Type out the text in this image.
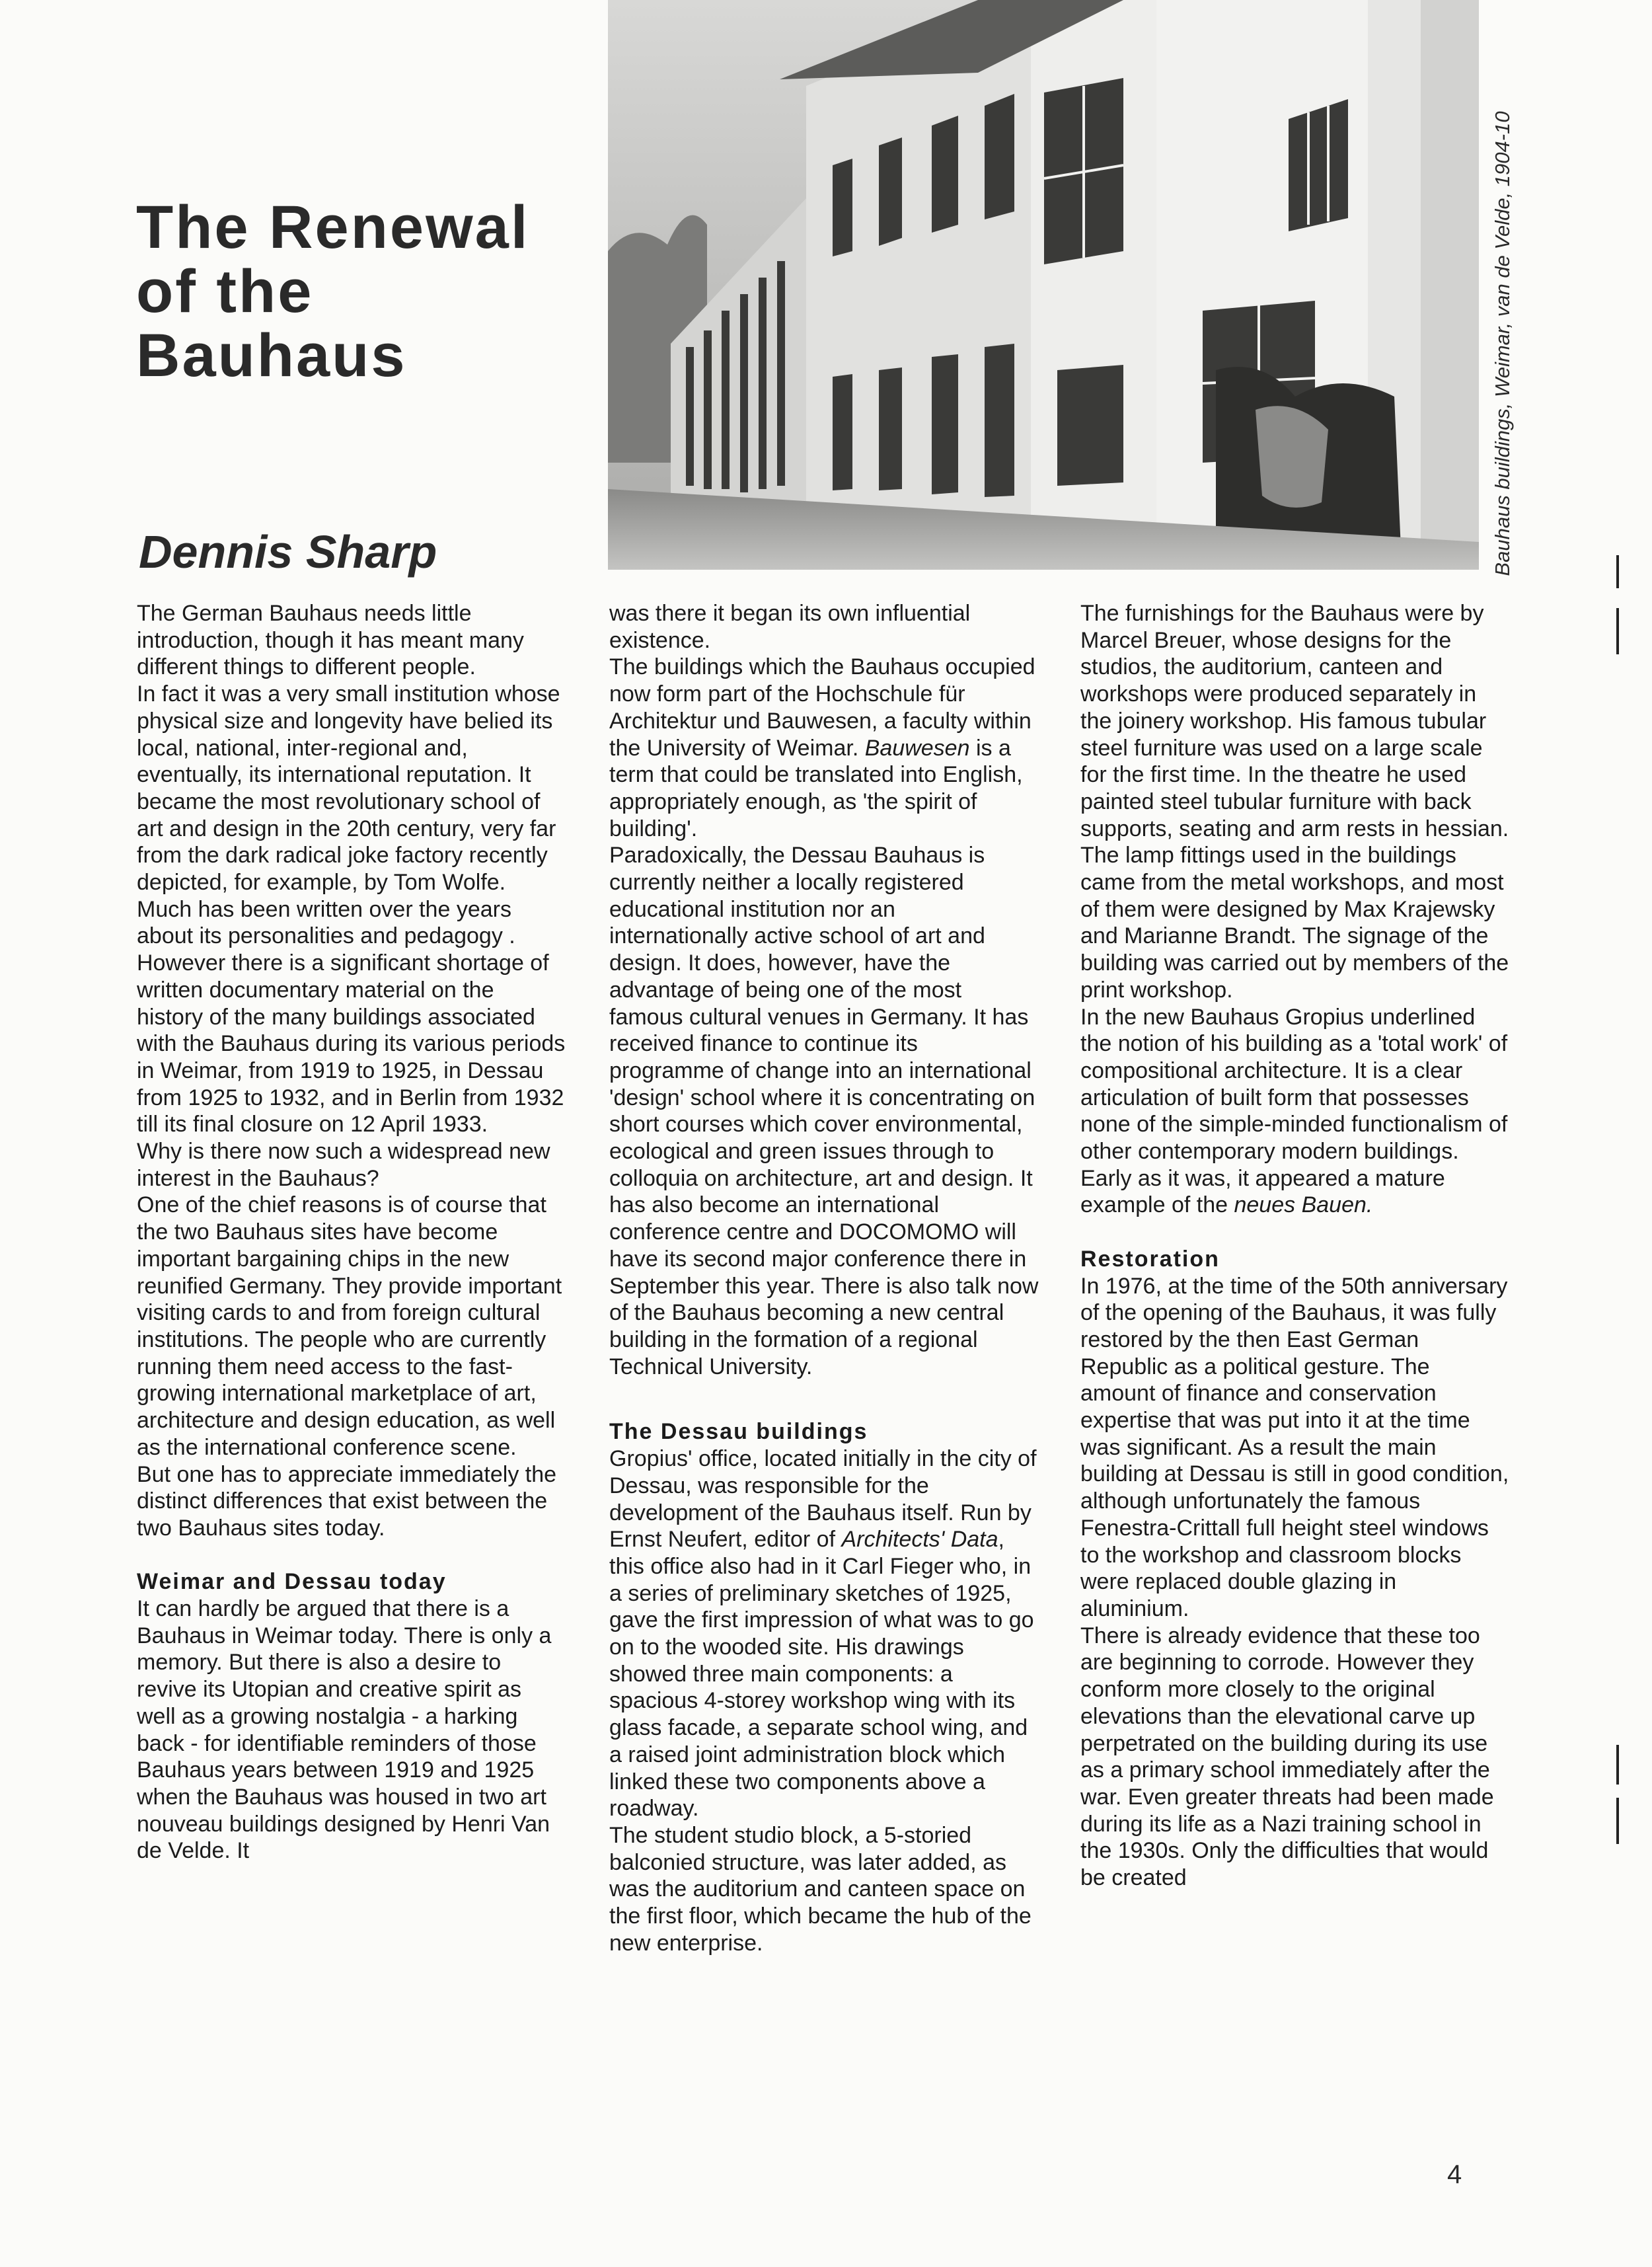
The Renewal of the Bauhaus
Dennis Sharp	Bauhaus buildings, Weimar, van de Velde, 1904-10

The German Bauhaus needs little introduction, though it has meant many different things to different people.

In fact it was a very small institution whose physical size and longevity have belied its local, national, inter-regional and, eventually, its international reputation. It became the most revolutionary school of art and design in the 20th century, very far from the dark radical joke factory recently depicted, for example, by Tom Wolfe.

Much has been written over the years about its personalities and pedagogy . However there is a significant shortage of written documentary material on the history of the many buildings associated with the Bauhaus during its various periods in Weimar, from 1919 to 1925, in Dessau from 1925 to 1932, and in Berlin from 1932 till its final closure on 12 April 1933.

Why is there now such a widespread new interest in the Bauhaus?

One of the chief reasons is of course that the two Bauhaus sites have become important bargaining chips in the new reunified Germany. They provide important visiting cards to and from foreign cultural institutions. The people who are currently running them need access to the fast-growing international marketplace of art, architecture and design education, as well as the international conference scene.

But one has to appreciate immediately the distinct differences that exist between the two Bauhaus sites today.

Weimar and Dessau today

It can hardly be argued that there is a Bauhaus in Weimar today. There is only a memory. But there is also a desire to revive its Utopian and creative spirit as well as a growing nostalgia - a harking back - for identifiable reminders of those Bauhaus years between 1919 and 1925 when the Bauhaus was housed in two art nouveau buildings designed by Henri Van de Velde. It

was there it began its own influential existence.

The buildings which the Bauhaus occupied now form part of the Hochschule für Architektur und Bauwesen, a faculty within the University of Weimar. Bauwesen is a term that could be translated into English, appropriately enough, as 'the spirit of building'.

Paradoxically, the Dessau Bauhaus is currently neither a locally registered educational institution nor an internationally active school of art and design. It does, however, have the advantage of being one of the most famous cultural venues in Germany. It has received finance to continue its programme of change into an international 'design' school where it is concentrating on short courses which cover environmental, ecological and green issues through to colloquia on architecture, art and design. It has also become an international conference centre and DOCOMOMO will have its second major conference there in September this year. There is also talk now of the Bauhaus becoming a new central building in the formation of a regional Technical University.

The Dessau buildings

Gropius' office, located initially in the city of Dessau, was responsible for the development of the Bauhaus itself. Run by Ernst Neufert, editor of Architects' Data, this office also had in it Carl Fieger who, in a series of preliminary sketches of 1925, gave the first impression of what was to go on to the wooded site. His drawings showed three main components: a spacious 4-storey workshop wing with its glass facade, a separate school wing, and a raised joint administration block which linked these two components above a roadway.

The student studio block, a 5-storied balconied structure, was later added, as was the auditorium and canteen space on the first floor, which became the hub of the new enterprise.

The furnishings for the Bauhaus were by Marcel Breuer, whose designs for the studios, the auditorium, canteen and workshops were produced separately in the joinery workshop. His famous tubular steel furniture was used on a large scale for the first time. In the theatre he used painted steel tubular furniture with back supports, seating and arm rests in hessian. The lamp fittings used in the buildings came from the metal workshops, and most of them were designed by Max Krajewsky and Marianne Brandt. The signage of the building was carried out by members of the print workshop.

In the new Bauhaus Gropius underlined the notion of his building as a 'total work' of compositional architecture. It is a clear articulation of built form that possesses none of the simple-minded functionalism of other contemporary modern buildings. Early as it was, it appeared a mature example of the neues Bauen.

Restoration

In 1976, at the time of the 50th anniversary of the opening of the Bauhaus, it was fully restored by the then East German Republic as a political gesture. The amount of finance and conservation expertise that was put into it at the time was significant. As a result the main building at Dessau is still in good condition, although unfortunately the famous Fenestra-Crittall full height steel windows to the workshop and classroom blocks were replaced double glazing in aluminium.

There is already evidence that these too are beginning to corrode. However they conform more closely to the original elevations than the elevational carve up perpetrated on the building during its use as a primary school immediately after the war. Even greater threats had been made during its life as a Nazi training school in the 1930s. Only the difficulties that would be created

4
